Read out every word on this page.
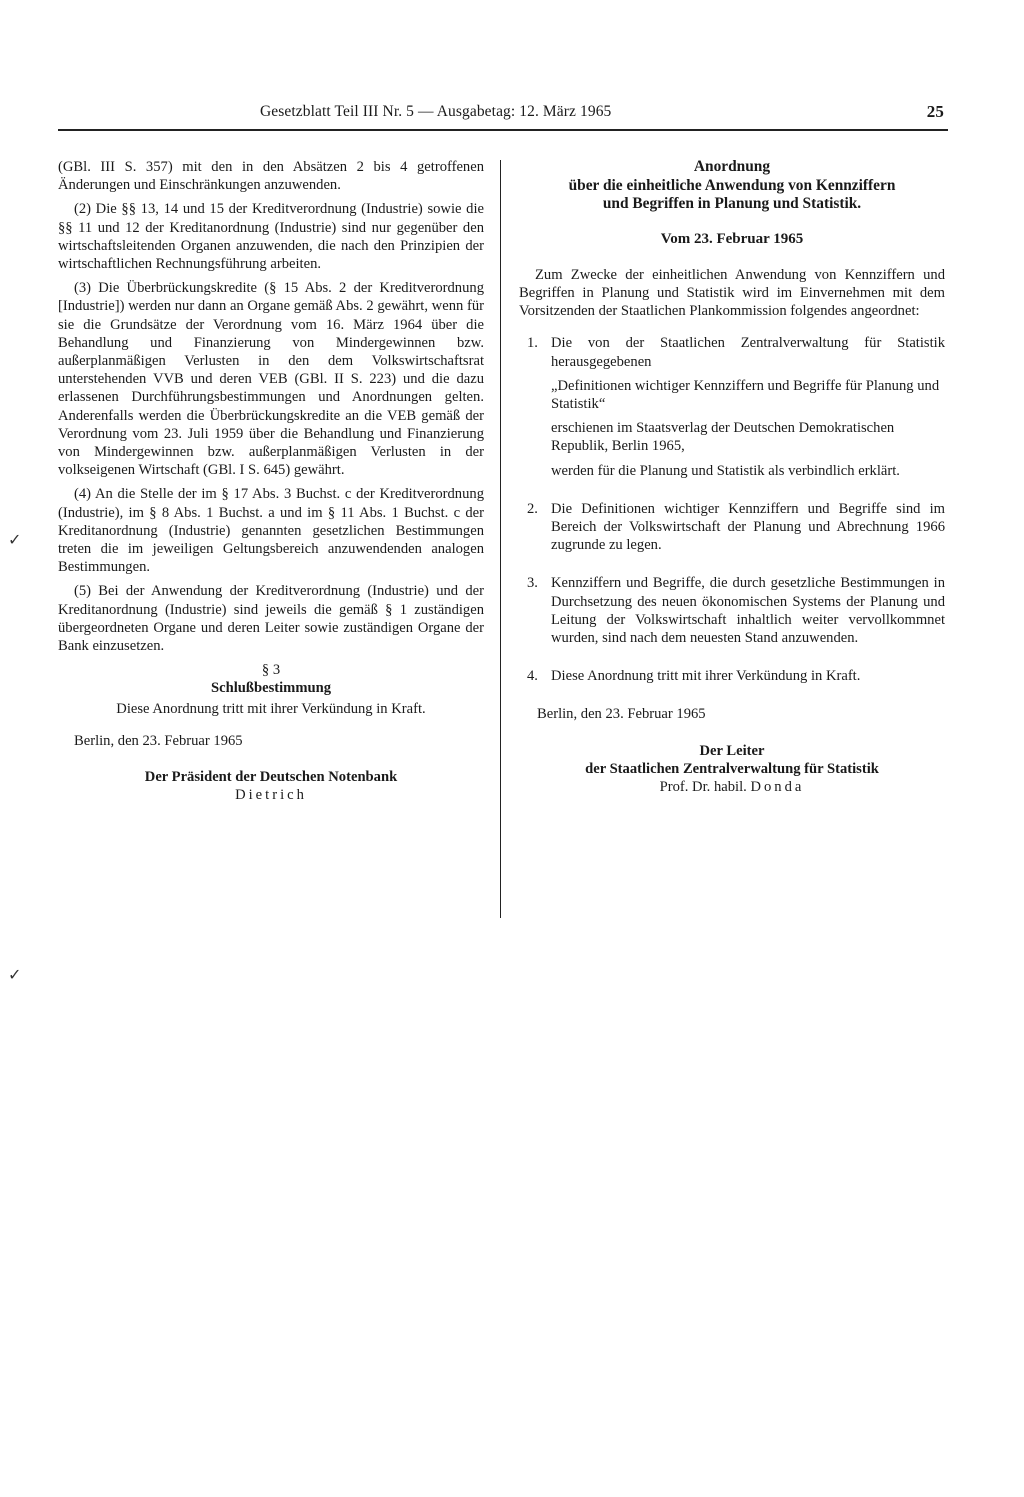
Gesetzblatt Teil III Nr. 5 — Ausgabetag: 12. März 1965	25

(GBl. III S. 357) mit den in den Absätzen 2 bis 4 getroffenen Änderungen und Einschränkungen anzuwenden.

(2) Die §§ 13, 14 und 15 der Kreditverordnung (Industrie) sowie die §§ 11 und 12 der Kreditanordnung (Industrie) sind nur gegenüber den wirtschaftsleitenden Organen anzuwenden, die nach den Prinzipien der wirtschaftlichen Rechnungsführung arbeiten.

(3) Die Überbrückungskredite (§ 15 Abs. 2 der Kreditverordnung [Industrie]) werden nur dann an Organe gemäß Abs. 2 gewährt, wenn für sie die Grundsätze der Verordnung vom 16. März 1964 über die Behandlung und Finanzierung von Mindergewinnen bzw. außerplanmäßigen Verlusten in den dem Volkswirtschaftsrat unterstehenden VVB und deren VEB (GBl. II S. 223) und die dazu erlassenen Durchführungsbestimmungen und Anordnungen gelten. Anderenfalls werden die Überbrückungskredite an die VEB gemäß der Verordnung vom 23. Juli 1959 über die Behandlung und Finanzierung von Mindergewinnen bzw. außerplanmäßigen Verlusten in der volkseigenen Wirtschaft (GBl. I S. 645) gewährt.

(4) An die Stelle der im § 17 Abs. 3 Buchst. c der Kreditverordnung (Industrie), im § 8 Abs. 1 Buchst. a und im § 11 Abs. 1 Buchst. c der Kreditanordnung (Industrie) genannten gesetzlichen Bestimmungen treten die im jeweiligen Geltungsbereich anzuwendenden analogen Bestimmungen.

(5) Bei der Anwendung der Kreditverordnung (Industrie) und der Kreditanordnung (Industrie) sind jeweils die gemäß § 1 zuständigen übergeordneten Organe und deren Leiter sowie zuständigen Organe der Bank einzusetzen.

§ 3

Schlußbestimmung

Diese Anordnung tritt mit ihrer Verkündung in Kraft.

Berlin, den 23. Februar 1965

Der Präsident der Deutschen Notenbank

Dietrich

Anordnung

über die einheitliche Anwendung von Kennziffern

und Begriffen in Planung und Statistik.

Vom 23. Februar 1965

Zum Zwecke der einheitlichen Anwendung von Kennziffern und Begriffen in Planung und Statistik wird im Einvernehmen mit dem Vorsitzenden der Staatlichen Plankommission folgendes angeordnet:

1. Die von der Staatlichen Zentralverwaltung für Statistik herausgegebenen

„Definitionen wichtiger Kennziffern und Begriffe für Planung und Statistik“

erschienen im Staatsverlag der Deutschen Demokratischen Republik, Berlin 1965,

werden für die Planung und Statistik als verbindlich erklärt.

2. Die Definitionen wichtiger Kennziffern und Begriffe sind im Bereich der Volkswirtschaft der Planung und Abrechnung 1966 zugrunde zu legen.

3. Kennziffern und Begriffe, die durch gesetzliche Bestimmungen in Durchsetzung des neuen ökonomischen Systems der Planung und Leitung der Volkswirtschaft inhaltlich weiter vervollkommnet wurden, sind nach dem neuesten Stand anzuwenden.

4. Diese Anordnung tritt mit ihrer Verkündung in Kraft.

Berlin, den 23. Februar 1965

Der Leiter

der Staatlichen Zentralverwaltung für Statistik

Prof. Dr. habil. Donda

✓
✓
